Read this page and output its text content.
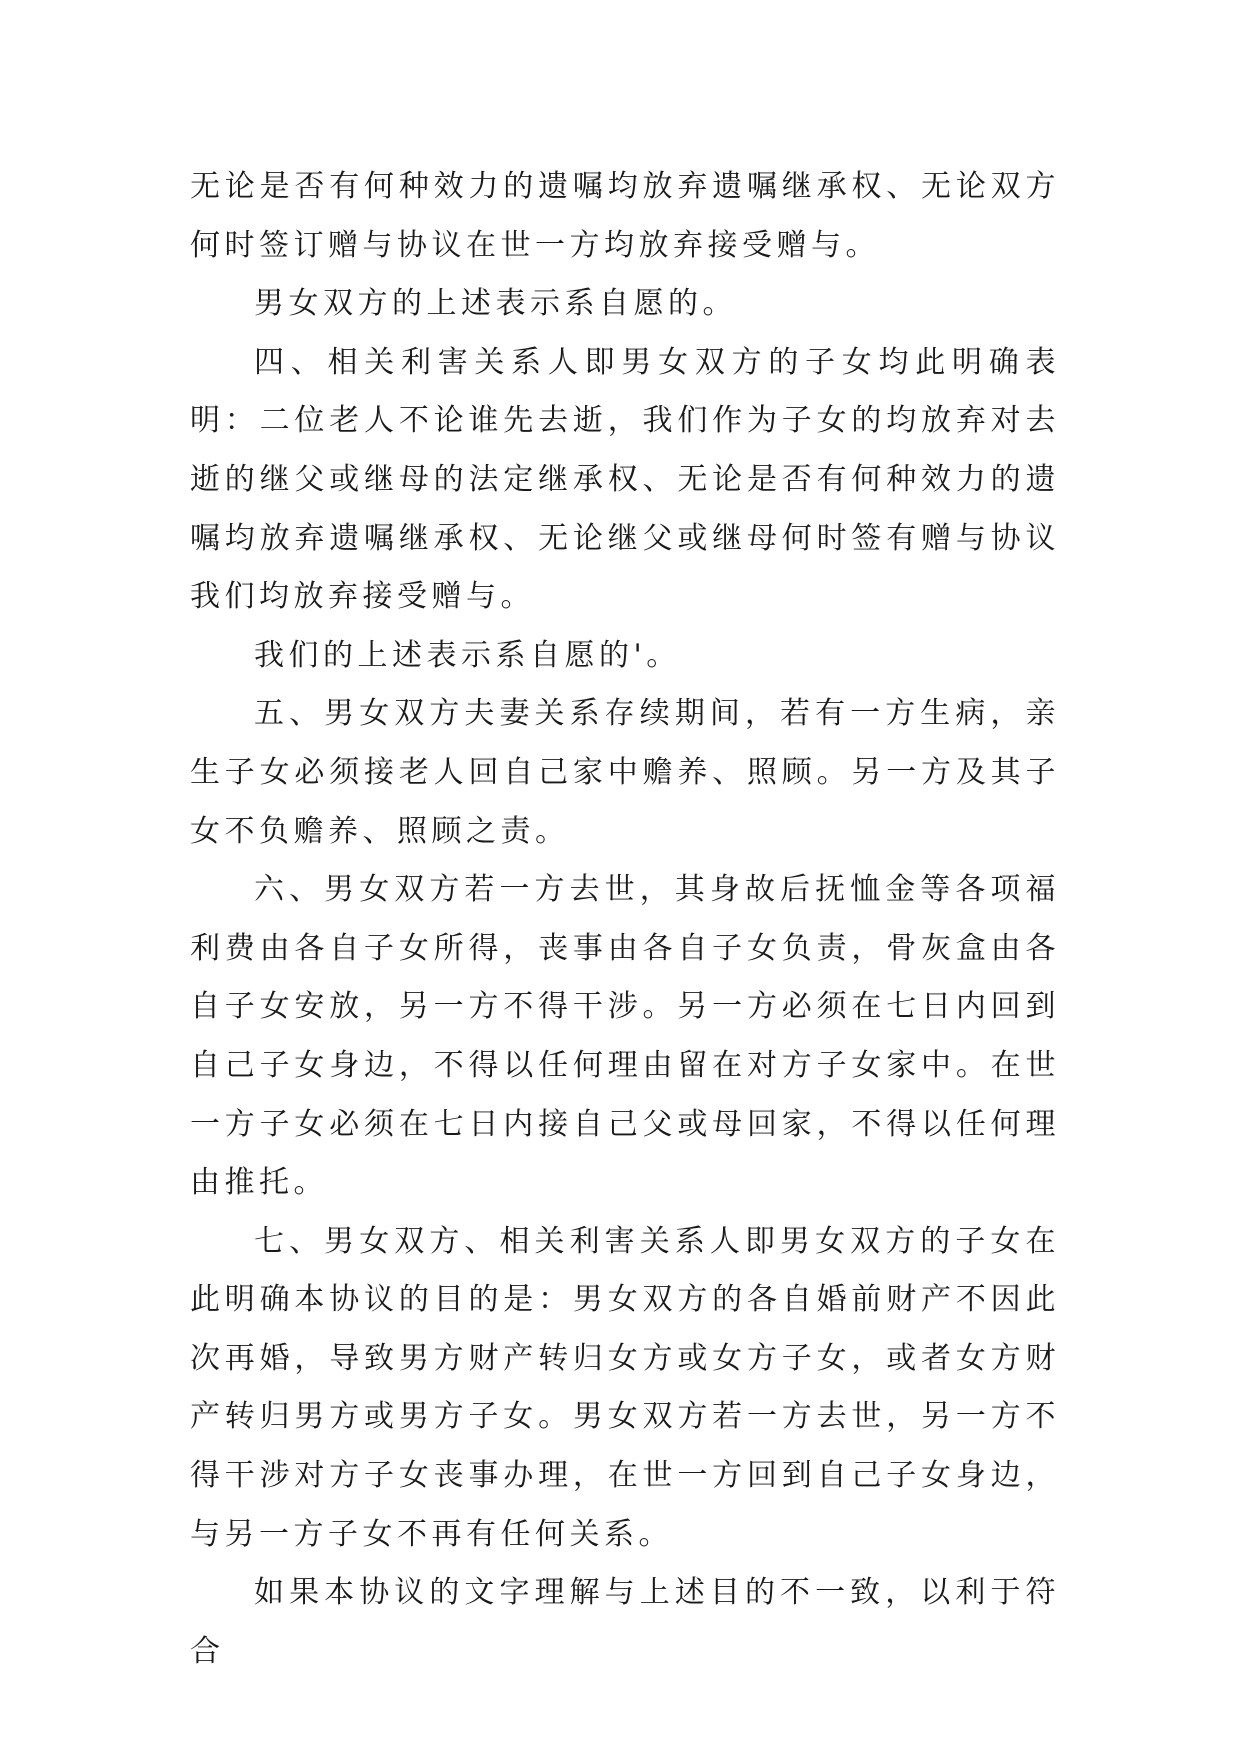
无论是否有何种效力的遗嘱均放弃遗嘱继承权、无论双方何时签订赠与协议在世一方均放弃接受赠与。

男女双方的上述表示系自愿的。

四、相关利害关系人即男女双方的子女均此明确表明：二位老人不论谁先去逝，我们作为子女的均放弃对去逝的继父或继母的法定继承权、无论是否有何种效力的遗嘱均放弃遗嘱继承权、无论继父或继母何时签有赠与协议我们均放弃接受赠与。

我们的上述表示系自愿的'。

五、男女双方夫妻关系存续期间，若有一方生病，亲生子女必须接老人回自己家中赡养、照顾。另一方及其子女不负赡养、照顾之责。

六、男女双方若一方去世，其身故后抚恤金等各项福利费由各自子女所得，丧事由各自子女负责，骨灰盒由各自子女安放，另一方不得干涉。另一方必须在七日内回到自己子女身边，不得以任何理由留在对方子女家中。在世一方子女必须在七日内接自己父或母回家，不得以任何理由推托。

七、男女双方、相关利害关系人即男女双方的子女在此明确本协议的目的是：男女双方的各自婚前财产不因此次再婚，导致男方财产转归女方或女方子女，或者女方财产转归男方或男方子女。男女双方若一方去世，另一方不得干涉对方子女丧事办理，在世一方回到自己子女身边，与另一方子女不再有任何关系。

如果本协议的文字理解与上述目的不一致，以利于符合
